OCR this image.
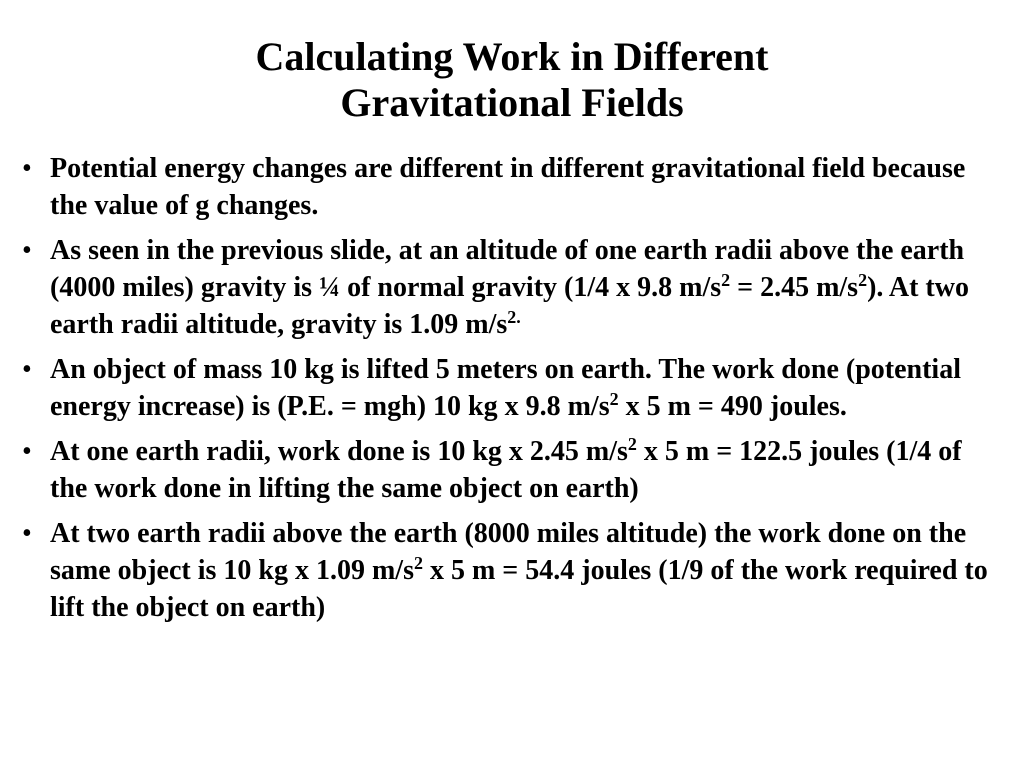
Calculating Work in Different
Gravitational Fields
• Potential energy changes are different in different gravitational field because the value of g changes.
• As seen in the previous slide, at an altitude of one earth radii above the earth (4000 miles) gravity is ¼ of normal gravity (1/4 x 9.8 $m/s^2 = 2.45$ $m/s^2$). At two earth radii altitude, gravity is 1.09 $m/s^{2.}$
• An object of mass 10 kg is lifted 5 meters on earth. The work done (potential energy increase) is (P.E. = mgh) 10 kg x 9.8 $m/s^2$ x 5 m = 490 joules.
• At one earth radii, work done is 10 kg x 2.45 $m/s^2$ x 5 m = 122.5 joules (1/4 of the work done in lifting the same object on earth)
• At two earth radii above the earth (8000 miles altitude) the work done on the same object is 10 kg x 1.09 $m/s^2$ x 5 m = 54.4 joules (1/9 of the work required to lift the object on earth)
